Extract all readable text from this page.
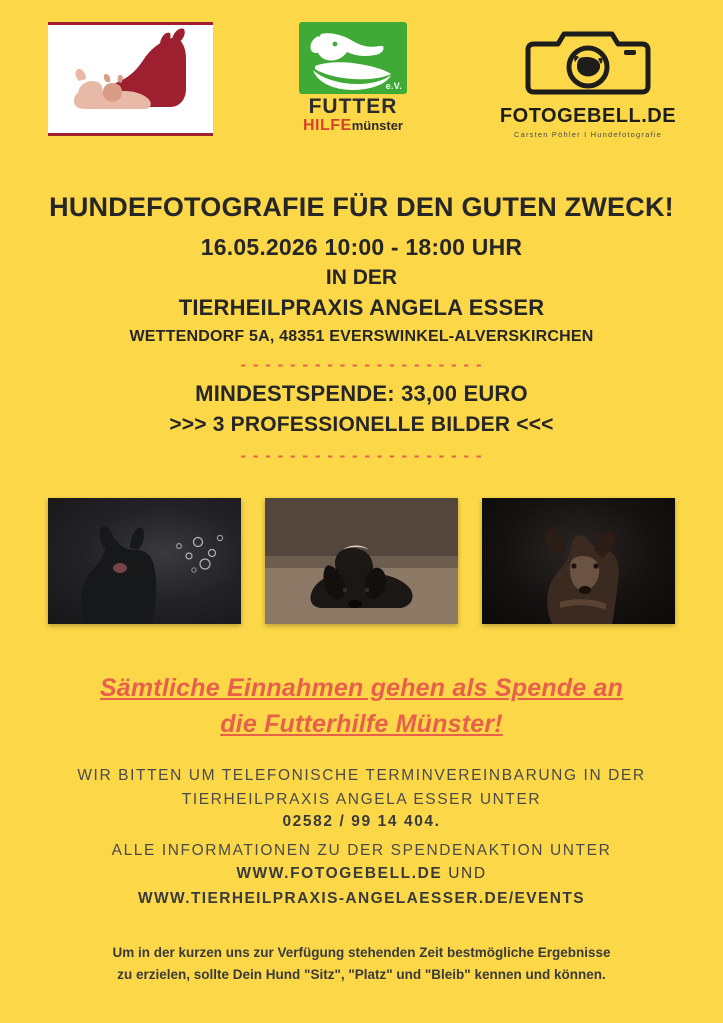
e.V.
FUTTER
HILFEmünster	FOTOGEBELL.DE
Carsten Pöhler I Hundefotografie
HUNDEFOTOGRAFIE FÜR DEN GUTEN ZWECK!
16.05.2026 10:00 - 18:00 UHR
IN DER
TIERHEILPRAXIS ANGELA ESSER
WETTENDORF 5A, 48351 EVERSWINKEL-ALVERSKIRCHEN
- - - - - - - - - - - - - - - - - - - -
MINDESTSPENDE: 33,00 EURO
>>> 3 PROFESSIONELLE BILDER <<<
- - - - - - - - - - - - - - - - - - - -
Sämtliche Einnahmen gehen als Spende an
die Futterhilfe Münster!
WIR BITTEN UM TELEFONISCHE TERMINVEREINBARUNG IN DER
TIERHEILPRAXIS ANGELA ESSER UNTER
02582 / 99 14 404.
ALLE INFORMATIONEN ZU DER SPENDENAKTION UNTER
WWW.FOTOGEBELL.DE UND
WWW.TIERHEILPRAXIS-ANGELAESSER.DE/EVENTS
Um in der kurzen uns zur Verfügung stehenden Zeit bestmögliche Ergebnisse
zu erzielen, sollte Dein Hund "Sitz", "Platz" und "Bleib" kennen und können.
